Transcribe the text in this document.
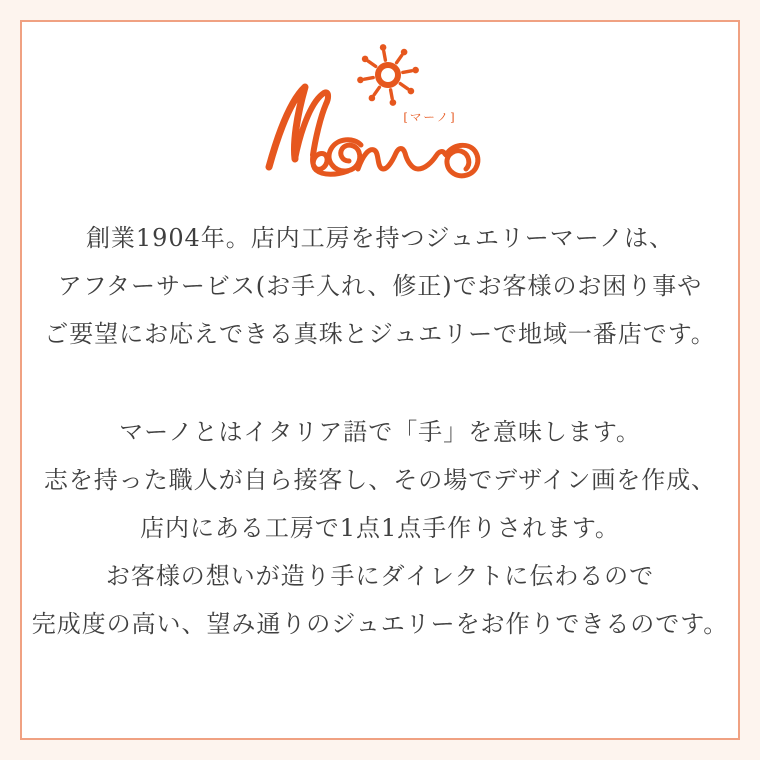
[マーノ]

創業1904年。店内工房を持つジュエリーマーノは、

アフターサービス(お手入れ、修正)でお客様のお困り事や

ご要望にお応えできる真珠とジュエリーで地域一番店です。

マーノとはイタリア語で「手」を意味します。

志を持った職人が自ら接客し、その場でデザイン画を作成、

店内にある工房で1点1点手作りされます。

お客様の想いが造り手にダイレクトに伝わるので

完成度の高い、望み通りのジュエリーをお作りできるのです。
